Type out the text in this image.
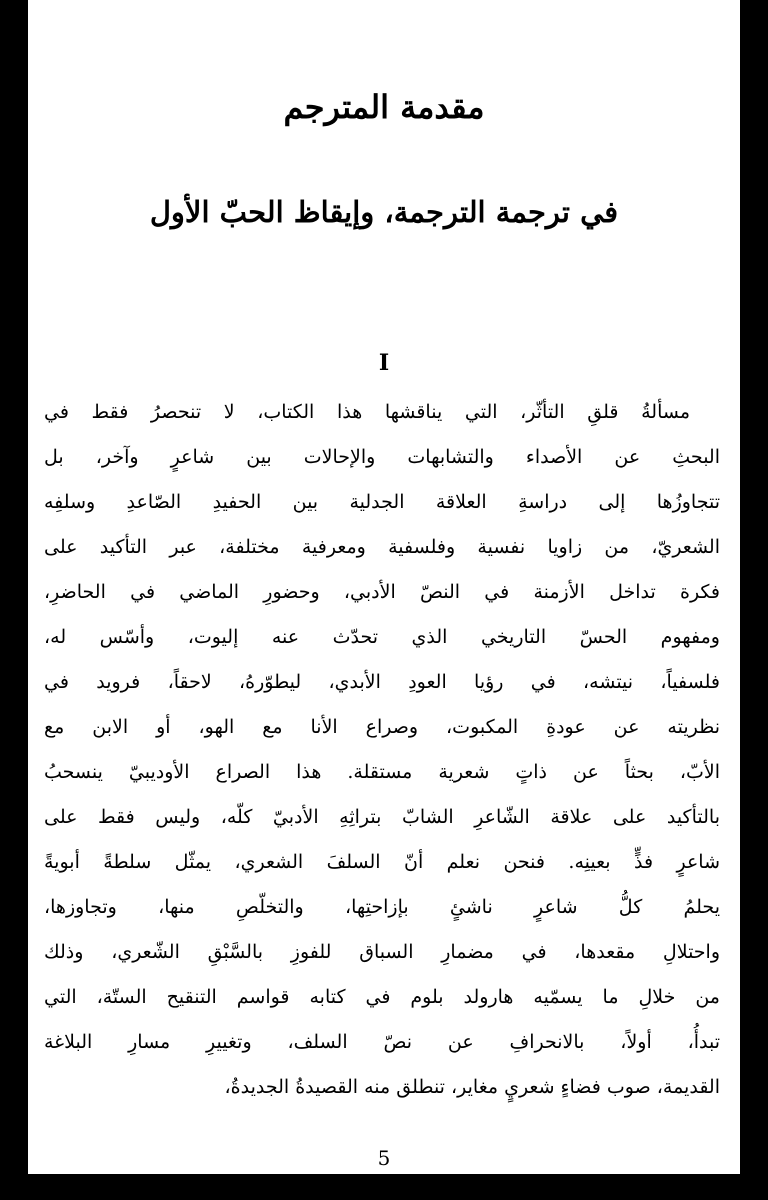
مقدمة المترجم
في ترجمة الترجمة، وإيقاظ الحبّ الأول
I
مسألةُ قلقِ التأثّر، التي يناقشها هذا الكتاب، لا تنحصرُ فقط في
البحثِ عن الأصداء والتشابهات والإحالات بين شاعرٍ وآخر، بل
تتجاوزُها إلى دراسةِ العلاقة الجدلية بين الحفيدِ الصّاعدِ وسلفِه
الشعريّ، من زاويا نفسية وفلسفية ومعرفية مختلفة، عبر التأكيد على
فكرة تداخل الأزمنة في النصّ الأدبي، وحضورِ الماضي في الحاضرِ،
ومفهوم الحسّ التاريخي الذي تحدّث عنه إليوت، وأسّس له،
فلسفياً، نيتشه، في رؤيا العودِ الأبدي، ليطوّرهُ، لاحقاً، فرويد في
نظريته عن عودةِ المكبوت، وصراع الأنا مع الهو، أو الابن مع
الأبّ، بحثاً عن ذاتٍ شعرية مستقلة. هذا الصراع الأوديبيّ ينسحبُ
بالتأكيد على علاقة الشّاعرِ الشابّ بتراثِهِ الأدبيّ كلّه، وليس فقط على
شاعرٍ فذٍّ بعينِه. فنحن نعلم أنّ السلفَ الشعري، يمثّل سلطةً أبويةً
يحلمُ كلُّ شاعرٍ ناشئٍ بإزاحتِها، والتخلّصِ منها، وتجاوزها،
واحتلالِ مقعدها، في مضمارِ السباق للفوزِ بالسَّبْقِ الشّعري، وذلك
من خلالِ ما يسمّيه هارولد بلوم في كتابه قواسم التنقيح الستّة، التي
تبدأُ، أولاً، بالانحرافِ عن نصّ السلف، وتغييرِ مسارِ البلاغة
القديمة، صوب فضاءٍ شعريٍ مغاير، تنطلق منه القصيدةُ الجديدةُ،
5
